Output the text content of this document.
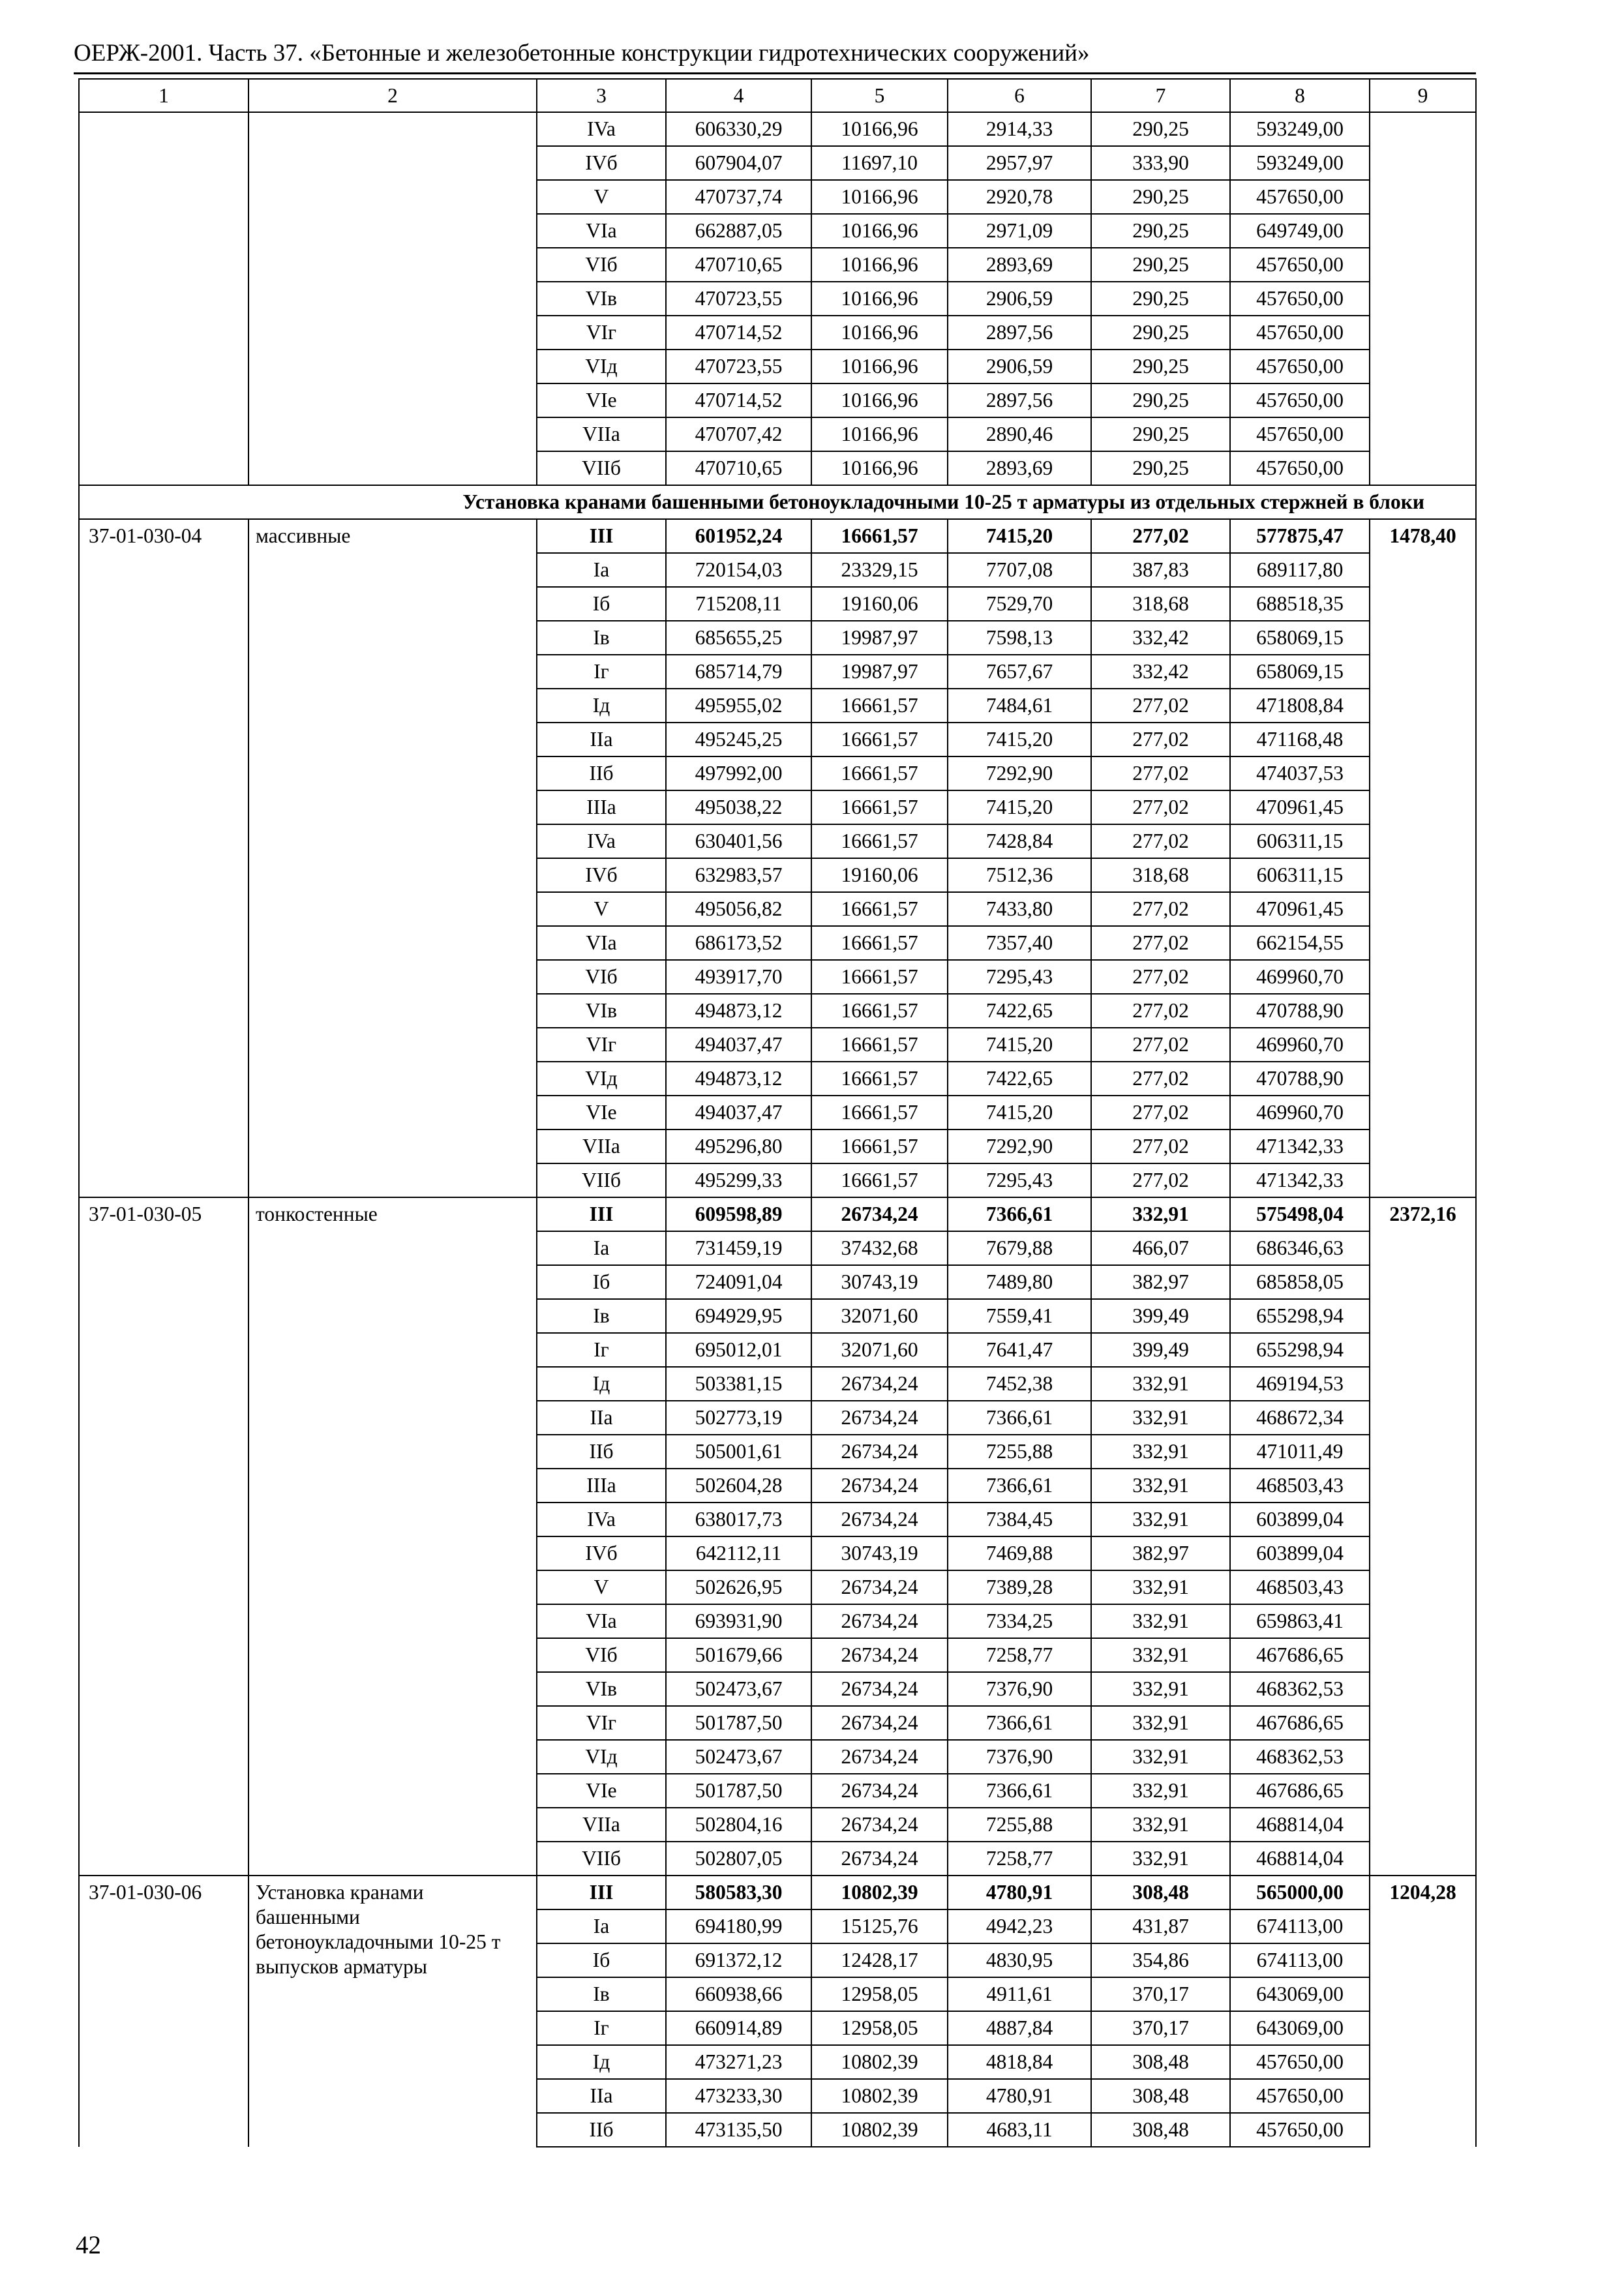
ОЕРЖ-2001. Часть 37. «Бетонные и железобетонные конструкции гидротехнических сооружений»
1	2	3	4	5	6	7	8	9
		IVa	606330,29	10166,96	2914,33	290,25	593249,00	
		IVб	607904,07	11697,10	2957,97	333,90	593249,00	
		V	470737,74	10166,96	2920,78	290,25	457650,00	
		VIa	662887,05	10166,96	2971,09	290,25	649749,00	
		VIб	470710,65	10166,96	2893,69	290,25	457650,00	
		VIв	470723,55	10166,96	2906,59	290,25	457650,00	
		VIг	470714,52	10166,96	2897,56	290,25	457650,00	
		VIд	470723,55	10166,96	2906,59	290,25	457650,00	
		VIe	470714,52	10166,96	2897,56	290,25	457650,00	
		VIIa	470707,42	10166,96	2890,46	290,25	457650,00	
		VIIб	470710,65	10166,96	2893,69	290,25	457650,00	
Установка кранами башенными бетоноукладочными 10-25 т арматуры из отдельных стержней в блоки								
37-01-030-04	массивные	III	601952,24	16661,57	7415,20	277,02	577875,47	1478,40
		Ia	720154,03	23329,15	7707,08	387,83	689117,80	
		Iб	715208,11	19160,06	7529,70	318,68	688518,35	
		Iв	685655,25	19987,97	7598,13	332,42	658069,15	
		Iг	685714,79	19987,97	7657,67	332,42	658069,15	
		Iд	495955,02	16661,57	7484,61	277,02	471808,84	
		IIa	495245,25	16661,57	7415,20	277,02	471168,48	
		IIб	497992,00	16661,57	7292,90	277,02	474037,53	
		IIIa	495038,22	16661,57	7415,20	277,02	470961,45	
		IVa	630401,56	16661,57	7428,84	277,02	606311,15	
		IVб	632983,57	19160,06	7512,36	318,68	606311,15	
		V	495056,82	16661,57	7433,80	277,02	470961,45	
		VIa	686173,52	16661,57	7357,40	277,02	662154,55	
		VIб	493917,70	16661,57	7295,43	277,02	469960,70	
		VIв	494873,12	16661,57	7422,65	277,02	470788,90	
		VIг	494037,47	16661,57	7415,20	277,02	469960,70	
		VIд	494873,12	16661,57	7422,65	277,02	470788,90	
		VIe	494037,47	16661,57	7415,20	277,02	469960,70	
		VIIa	495296,80	16661,57	7292,90	277,02	471342,33	
		VIIб	495299,33	16661,57	7295,43	277,02	471342,33	
37-01-030-05	тонкостенные	III	609598,89	26734,24	7366,61	332,91	575498,04	2372,16
		Ia	731459,19	37432,68	7679,88	466,07	686346,63	
		Iб	724091,04	30743,19	7489,80	382,97	685858,05	
		Iв	694929,95	32071,60	7559,41	399,49	655298,94	
		Iг	695012,01	32071,60	7641,47	399,49	655298,94	
		Iд	503381,15	26734,24	7452,38	332,91	469194,53	
		IIa	502773,19	26734,24	7366,61	332,91	468672,34	
		IIб	505001,61	26734,24	7255,88	332,91	471011,49	
		IIIa	502604,28	26734,24	7366,61	332,91	468503,43	
		IVa	638017,73	26734,24	7384,45	332,91	603899,04	
		IVб	642112,11	30743,19	7469,88	382,97	603899,04	
		V	502626,95	26734,24	7389,28	332,91	468503,43	
		VIa	693931,90	26734,24	7334,25	332,91	659863,41	
		VIб	501679,66	26734,24	7258,77	332,91	467686,65	
		VIв	502473,67	26734,24	7376,90	332,91	468362,53	
		VIг	501787,50	26734,24	7366,61	332,91	467686,65	
		VIд	502473,67	26734,24	7376,90	332,91	468362,53	
		VIe	501787,50	26734,24	7366,61	332,91	467686,65	
		VIIa	502804,16	26734,24	7255,88	332,91	468814,04	
		VIIб	502807,05	26734,24	7258,77	332,91	468814,04	
37-01-030-06	Установка кранами башенными бетоноукладочными 10-25 т выпусков арматуры	III	580583,30	10802,39	4780,91	308,48	565000,00	1204,28
		Ia	694180,99	15125,76	4942,23	431,87	674113,00	
		Iб	691372,12	12428,17	4830,95	354,86	674113,00	
		Iв	660938,66	12958,05	4911,61	370,17	643069,00	
		Iг	660914,89	12958,05	4887,84	370,17	643069,00	
		Iд	473271,23	10802,39	4818,84	308,48	457650,00	
		IIa	473233,30	10802,39	4780,91	308,48	457650,00	
		IIб	473135,50	10802,39	4683,11	308,48	457650,00	
42
